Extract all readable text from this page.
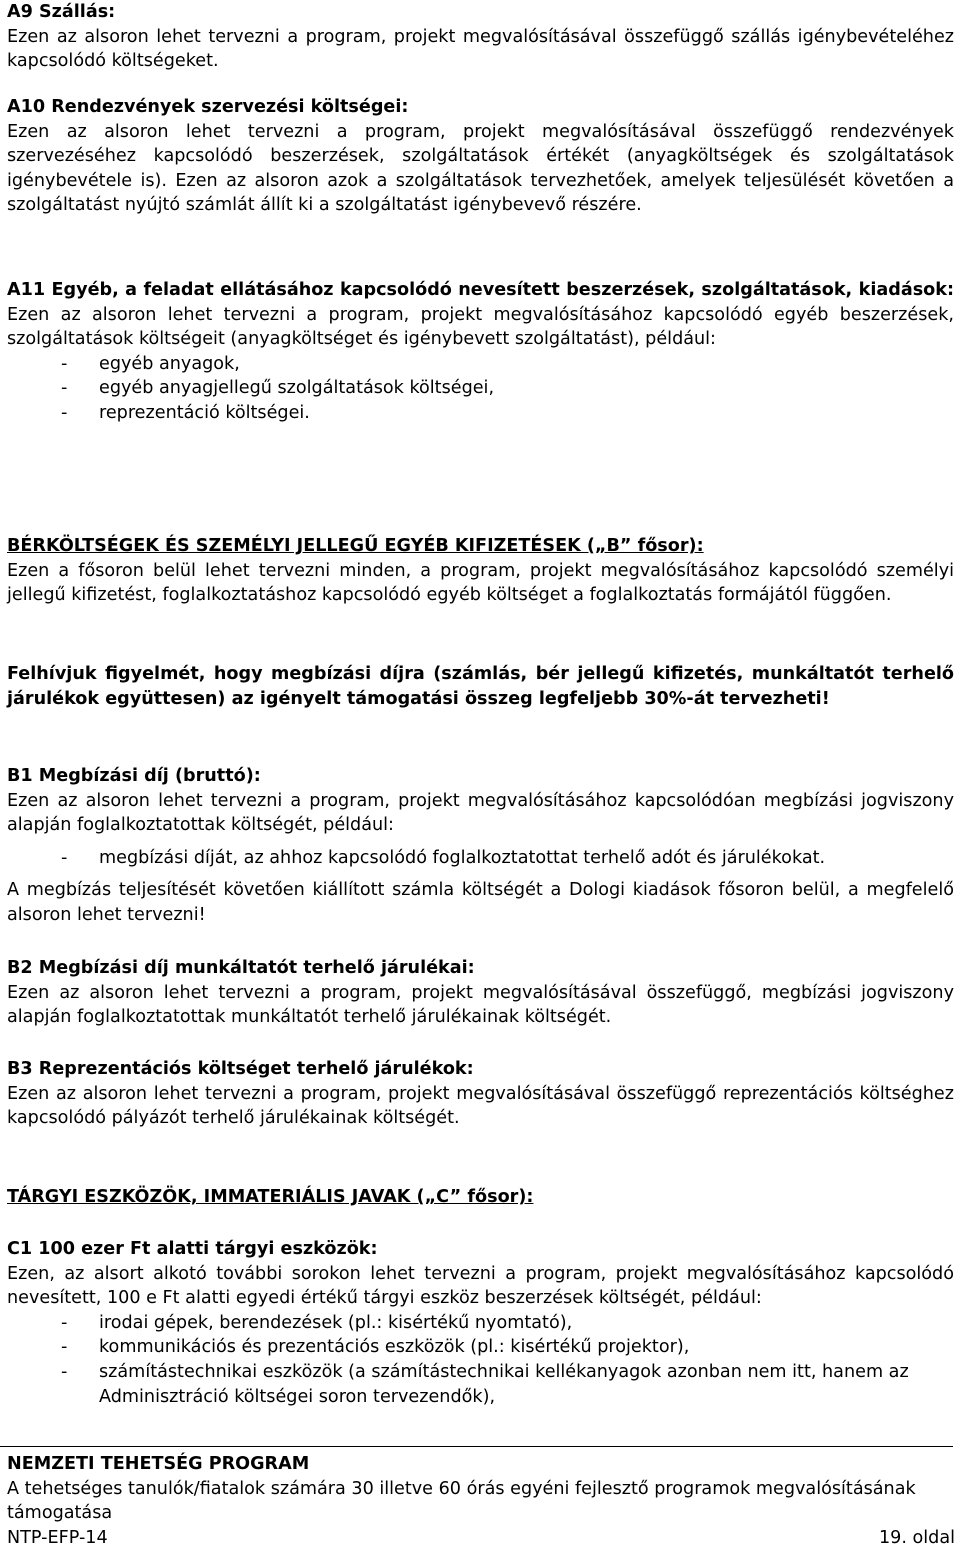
A9 Szállás:

Ezen az alsoron lehet tervezni a program, projekt megvalósításával összefüggő szállás igénybevételéhez kapcsolódó költségeket.

A10 Rendezvények szervezési költségei:

Ezen az alsoron lehet tervezni a program, projekt megvalósításával összefüggő rendezvények szervezéséhez kapcsolódó beszerzések, szolgáltatások értékét (anyagköltségek és szolgáltatások igénybevétele is). Ezen az alsoron azok a szolgáltatások tervezhetőek, amelyek teljesülését követően a szolgáltatást nyújtó számlát állít ki a szolgáltatást igénybevevő részére.

A11 Egyéb, a feladat ellátásához kapcsolódó nevesített beszerzések, szolgáltatások, kiadások:

Ezen az alsoron lehet tervezni a program, projekt megvalósításához kapcsolódó egyéb beszerzések, szolgáltatások költségeit (anyagköltséget és igénybevett szolgáltatást), például:

- egyéb anyagok,
- egyéb anyagjellegű szolgáltatások költségei,
- reprezentáció költségei.

BÉRKÖLTSÉGEK ÉS SZEMÉLYI JELLEGŰ EGYÉB KIFIZETÉSEK („B” fősor):

Ezen a fősoron belül lehet tervezni minden, a program, projekt megvalósításához kapcsolódó személyi jellegű kifizetést, foglalkoztatáshoz kapcsolódó egyéb költséget a foglalkoztatás formájától függően.

Felhívjuk figyelmét, hogy megbízási díjra (számlás, bér jellegű kifizetés, munkáltatót terhelő járulékok együttesen) az igényelt támogatási összeg legfeljebb 30%-át tervezheti!

B1 Megbízási díj (bruttó):

Ezen az alsoron lehet tervezni a program, projekt megvalósításához kapcsolódóan megbízási jogviszony alapján foglalkoztatottak költségét, például:

- megbízási díját, az ahhoz kapcsolódó foglalkoztatottat terhelő adót és járulékokat.

A megbízás teljesítését követően kiállított számla költségét a Dologi kiadások fősoron belül, a megfelelő alsoron lehet tervezni!

B2 Megbízási díj munkáltatót terhelő járulékai:

Ezen az alsoron lehet tervezni a program, projekt megvalósításával összefüggő, megbízási jogviszony alapján foglalkoztatottak munkáltatót terhelő járulékainak költségét.

B3 Reprezentációs költséget terhelő járulékok:

Ezen az alsoron lehet tervezni a program, projekt megvalósításával összefüggő reprezentációs költséghez kapcsolódó pályázót terhelő járulékainak költségét.

TÁRGYI ESZKÖZÖK, IMMATERIÁLIS JAVAK („C” fősor):

C1 100 ezer Ft alatti tárgyi eszközök:

Ezen, az alsort alkotó további sorokon lehet tervezni a program, projekt megvalósításához kapcsolódó nevesített, 100 e Ft alatti egyedi értékű tárgyi eszköz beszerzések költségét, például:

- irodai gépek, berendezések (pl.: kisértékű nyomtató),
- kommunikációs és prezentációs eszközök (pl.: kisértékű projektor),
- számítástechnikai eszközök (a számítástechnikai kellékanyagok azonban nem itt, hanem az Adminisztráció költségei soron tervezendők),

NEMZETI TEHETSÉG PROGRAM

A tehetséges tanulók/fiatalok számára 30 illetve 60 órás egyéni fejlesztő programok megvalósításának támogatása

NTP-EFP-14	19. oldal
